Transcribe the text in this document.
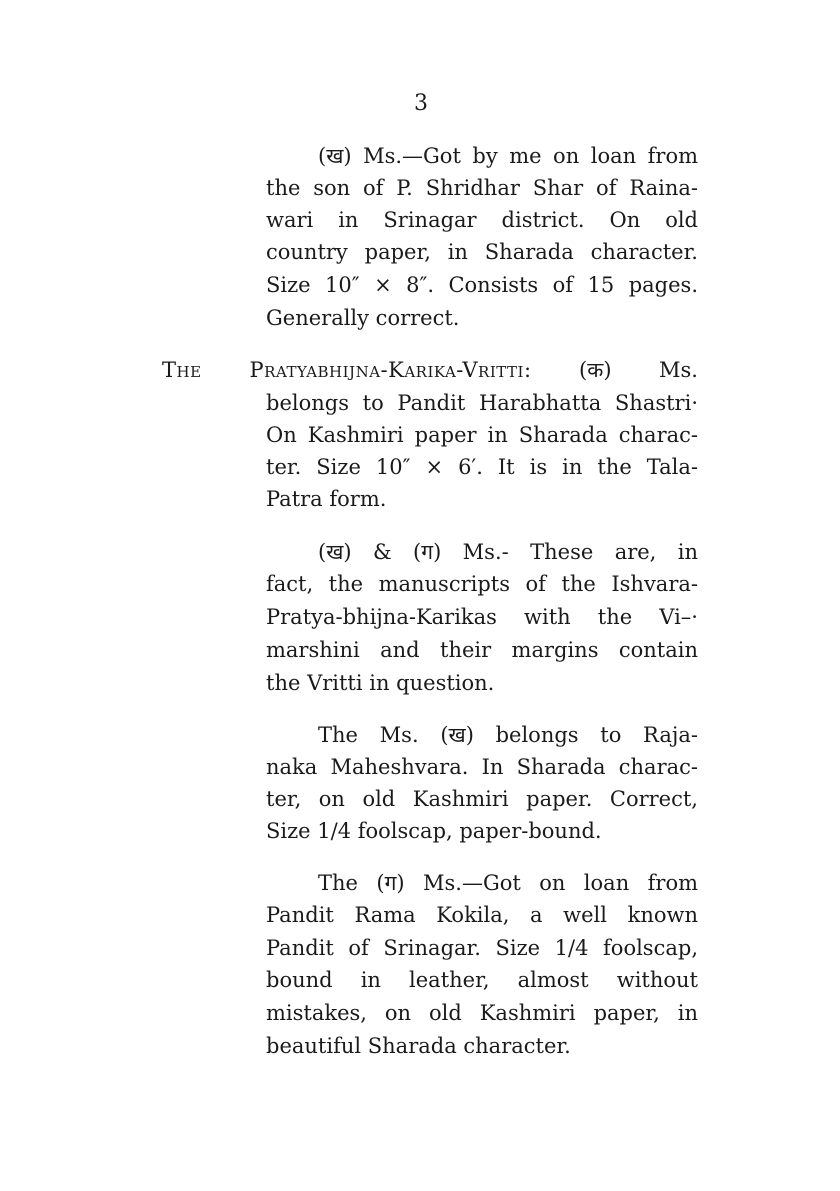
3
(ख) Ms.—Got by me on loan from
the son of P. Shridhar Shar of Raina-
wari in Srinagar district. On old
country paper, in Sharada character.
Size 10″ × 8″. Consists of 15 pages.
Generally correct.
The Pratyabhijna-Karika-Vritti: (क) Ms.
belongs to Pandit Harabhatta Shastri·
On Kashmiri paper in Sharada charac-
ter. Size 10″ × 6′. It is in the Tala-
Patra form.
(ख) & (ग) Ms.- These are, in
fact, the manuscripts of the Ishvara-
Pratya-bhijna-Karikas with the Vi–·
marshini and their margins contain
the Vritti in question.
The Ms. (ख) belongs to Raja-
naka Maheshvara. In Sharada charac-
ter, on old Kashmiri paper. Correct,
Size 1/4 foolscap, paper-bound.
The (ग) Ms.—Got on loan from
Pandit Rama Kokila, a well known
Pandit of Srinagar. Size 1/4 foolscap,
bound in leather, almost without
mistakes, on old Kashmiri paper, in
beautiful Sharada character.
